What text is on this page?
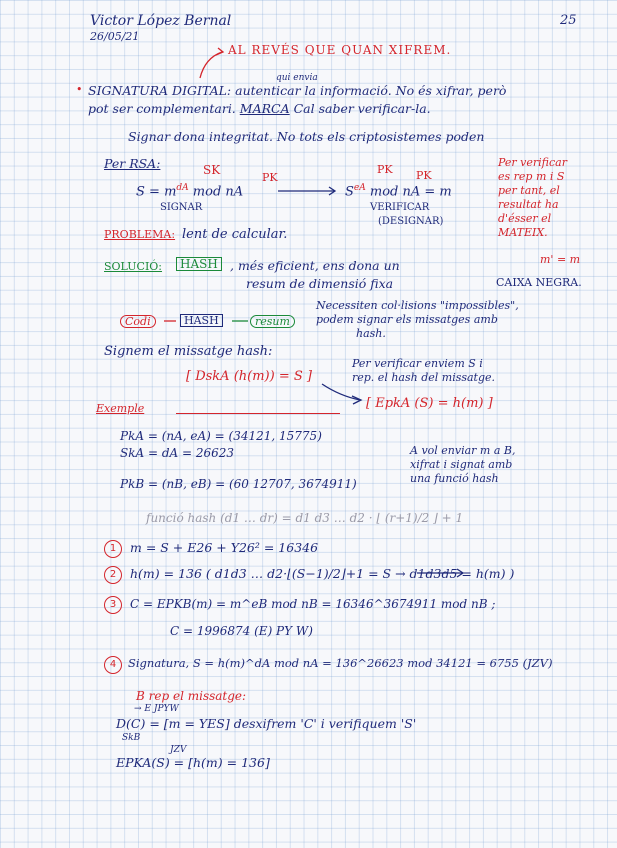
Victor López Bernal
26/05/21
25
AL REVÉS QUE QUAN XIFREM.
•
qui envia
SIGNATURA DIGITAL: autenticar la informació. No és xifrar, però
pot ser complementari. MARCA Cal saber verificar-la.
Signar dona integritat. No tots els criptosistemes poden
Per RSA:	SK
PK
PK PK
$S = m^{dA}$ mod nA	$S^{eA}$ mod nA = m
SIGNAR	VERIFICAR
(DESIGNAR)
Per verificar
es rep m i S
per tant, el
resultat ha
d'ésser el
MATEIX.
m' = m
PROBLEMA: lent de calcular.
SOLUCIÓ:	HASH , més eficient, ens dona un
resum de dimensió fixa	CAIXA NEGRA.
Codi	HASH	resum
Necessiten col·lisions "impossibles",
podem signar els missatges amb
hash.
Signem el missatge hash:
[ DskA (h(m)) = S ]
Per verificar enviem S i
rep. el hash del missatge.
[ EpkA (S) = h(m) ]
Exemple
PkA = (nA, eA) = (34121, 15775)
SkA = dA = 26623
PkB = (nB, eB) = (60 12707, 3674911)
A vol enviar m a B,
xifrat i signat amb
una funció hash
funció hash (d1 … dr) = d1 d3 … d2 · ⌊ (r+1)/2 ⌋ + 1
1	m = S + E26 + Y26² = 16346
2	h(m) = 136 ( d1d3 … d2·⌊(S−1)/2⌋+1 = S → d1d3d5 = h(m) )
3	C = EPKB(m) = m^eB mod nB = 16346^3674911 mod nB ;
C = 1996874 (E) PY W)
4	Signatura, S = h(m)^dA mod nA = 136^26623 mod 34121 = 6755 (JZV)
B rep el missatge:
→ E JPYW
D(C) = [m = YES] desxifrem 'C' i verifiquem 'S'
SkB
JZV
EPKA(S) = [h(m) = 136]
